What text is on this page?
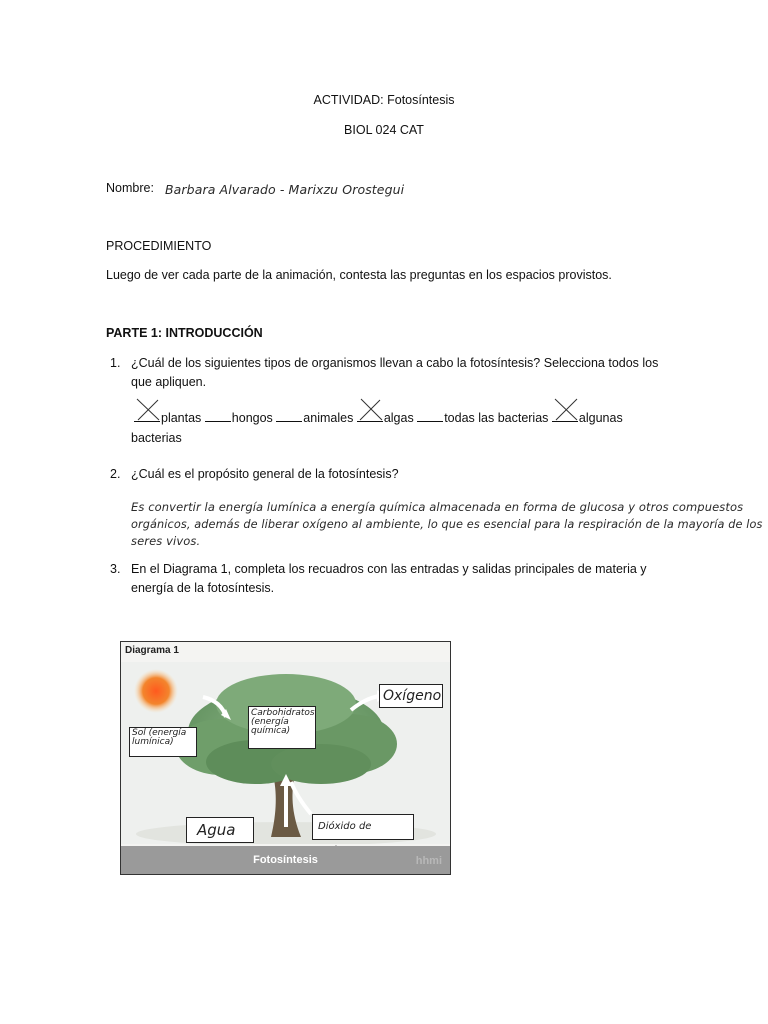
ACTIVIDAD: Fotosíntesis
BIOL 024 CAT
Nombre: Barbara Alvarado - Marixzu Orostegui
PROCEDIMIENTO
Luego de ver cada parte de la animación, contesta las preguntas en los espacios provistos.
PARTE 1: INTRODUCCIÓN
1. ¿Cuál de los siguientes tipos de organismos llevan a cabo la fotosíntesis? Selecciona todos los
que apliquen.
plantas hongos animales algas todas las bacterias algunas
bacterias
2. ¿Cuál es el propósito general de la fotosíntesis?
Es convertir la energía lumínica a energía química almacenada en forma de glucosa y otros compuestos
orgánicos, además de liberar oxígeno al ambiente, lo que es esencial para la respiración de la mayoría de los
seres vivos.
3. En el Diagrama 1, completa los recuadros con las entradas y salidas principales de materia y
energía de la fotosíntesis.
Diagrama 1
Sol (energía lumínica)
Carbohidratos (energía química)
Oxígeno
Agua	Dióxido de
Fotosíntesis	hhmi
